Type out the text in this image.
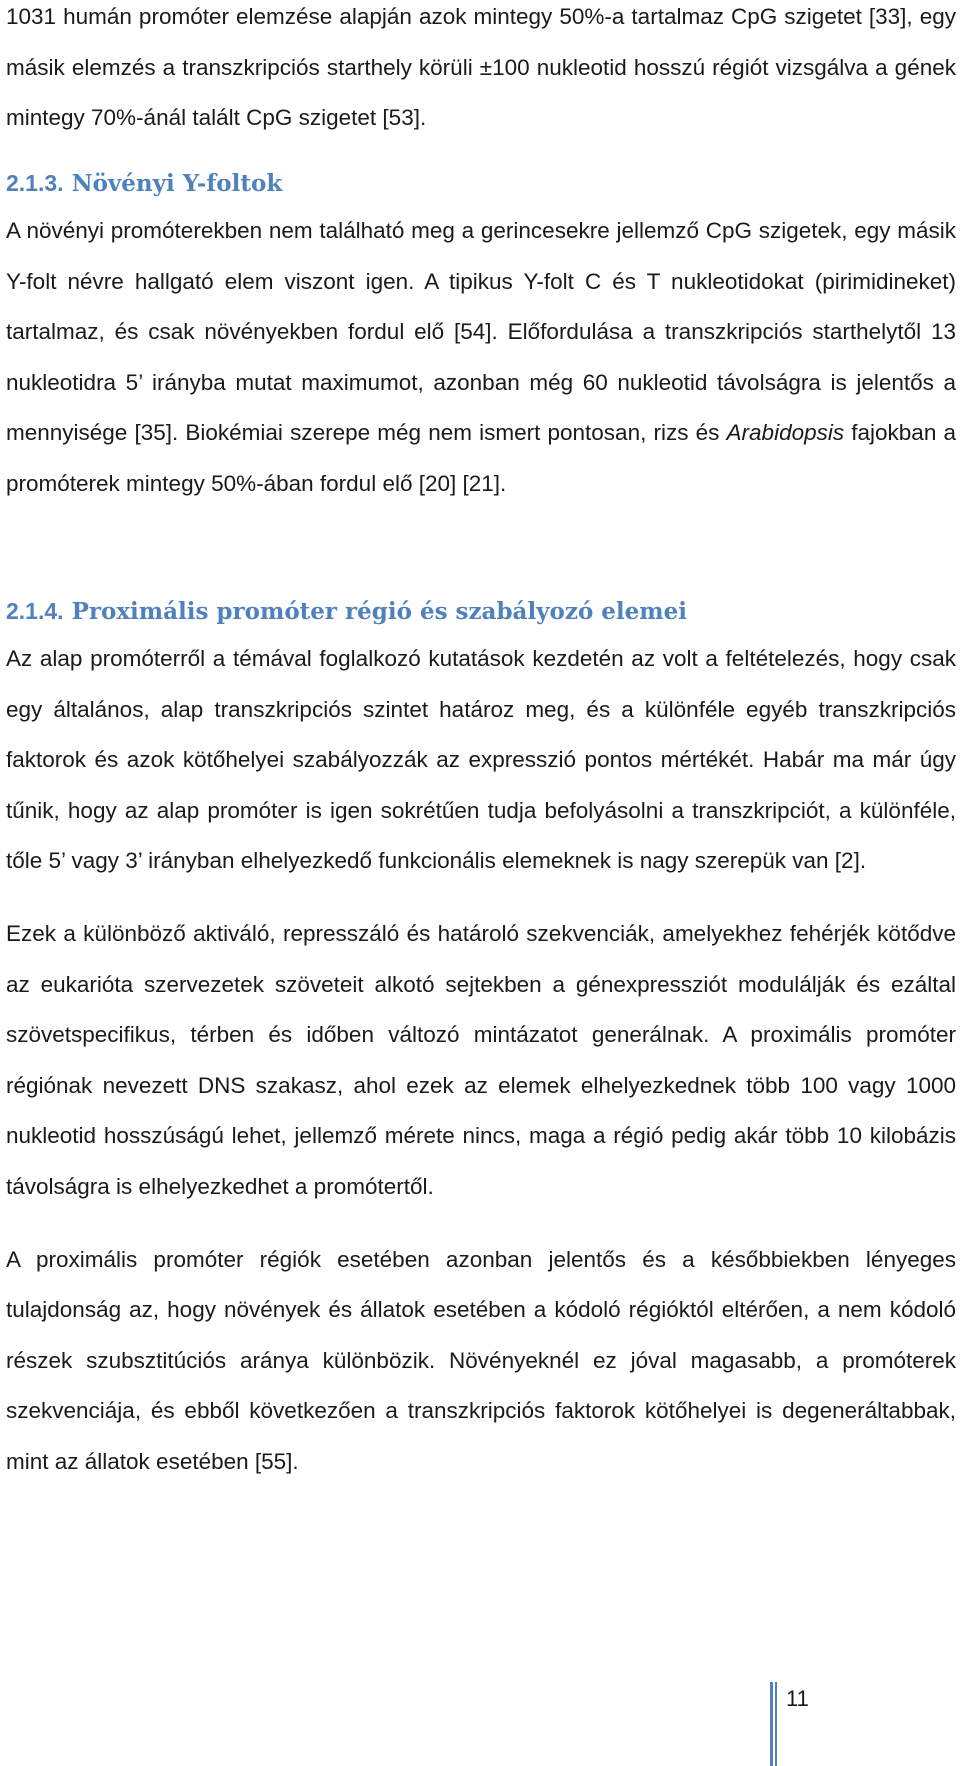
1031 humán promóter elemzése alapján azok mintegy 50%-a tartalmaz CpG szigetet [33], egy másik elemzés a transzkripciós starthely körüli ±100 nukleotid hosszú régiót vizsgálva a gének mintegy 70%-ánál talált CpG szigetet [53].

2.1.3. Növényi Y-foltok

A növényi promóterekben nem található meg a gerincesekre jellemző CpG szigetek, egy másik Y-folt névre hallgató elem viszont igen. A tipikus Y-folt C és T nukleotidokat (pirimidineket) tartalmaz, és csak növényekben fordul elő [54]. Előfordulása a transzkripciós starthelytől 13 nukleotidra 5’ irányba mutat maximumot, azonban még 60 nukleotid távolságra is jelentős a mennyisége [35]. Biokémiai szerepe még nem ismert pontosan, rizs és Arabidopsis fajokban a promóterek mintegy 50%-ában fordul elő [20] [21].

2.1.4. Proximális promóter régió és szabályozó elemei

Az alap promóterről a témával foglalkozó kutatások kezdetén az volt a feltételezés, hogy csak egy általános, alap transzkripciós szintet határoz meg, és a különféle egyéb transzkripciós faktorok és azok kötőhelyei szabályozzák az expresszió pontos mértékét. Habár ma már úgy tűnik, hogy az alap promóter is igen sokrétűen tudja befolyásolni a transzkripciót, a különféle, tőle 5’ vagy 3’ irányban elhelyezkedő funkcionális elemeknek is nagy szerepük van [2].

Ezek a különböző aktiváló, represszáló és határoló szekvenciák, amelyekhez fehérjék kötődve az eukarióta szervezetek szöveteit alkotó sejtekben a génexpressziót modulálják és ezáltal szövetspecifikus, térben és időben változó mintázatot generálnak. A proximális promóter régiónak nevezett DNS szakasz, ahol ezek az elemek elhelyezkednek több 100 vagy 1000 nukleotid hosszúságú lehet, jellemző mérete nincs, maga a régió pedig akár több 10 kilobázis távolságra is elhelyezkedhet a promótertől.

A proximális promóter régiók esetében azonban jelentős és a későbbiekben lényeges tulajdonság az, hogy növények és állatok esetében a kódoló régióktól eltérően, a nem kódoló részek szubsztitúciós aránya különbözik. Növényeknél ez jóval magasabb, a promóterek szekvenciája, és ebből következően a transzkripciós faktorok kötőhelyei is degeneráltabbak, mint az állatok esetében [55].

11
